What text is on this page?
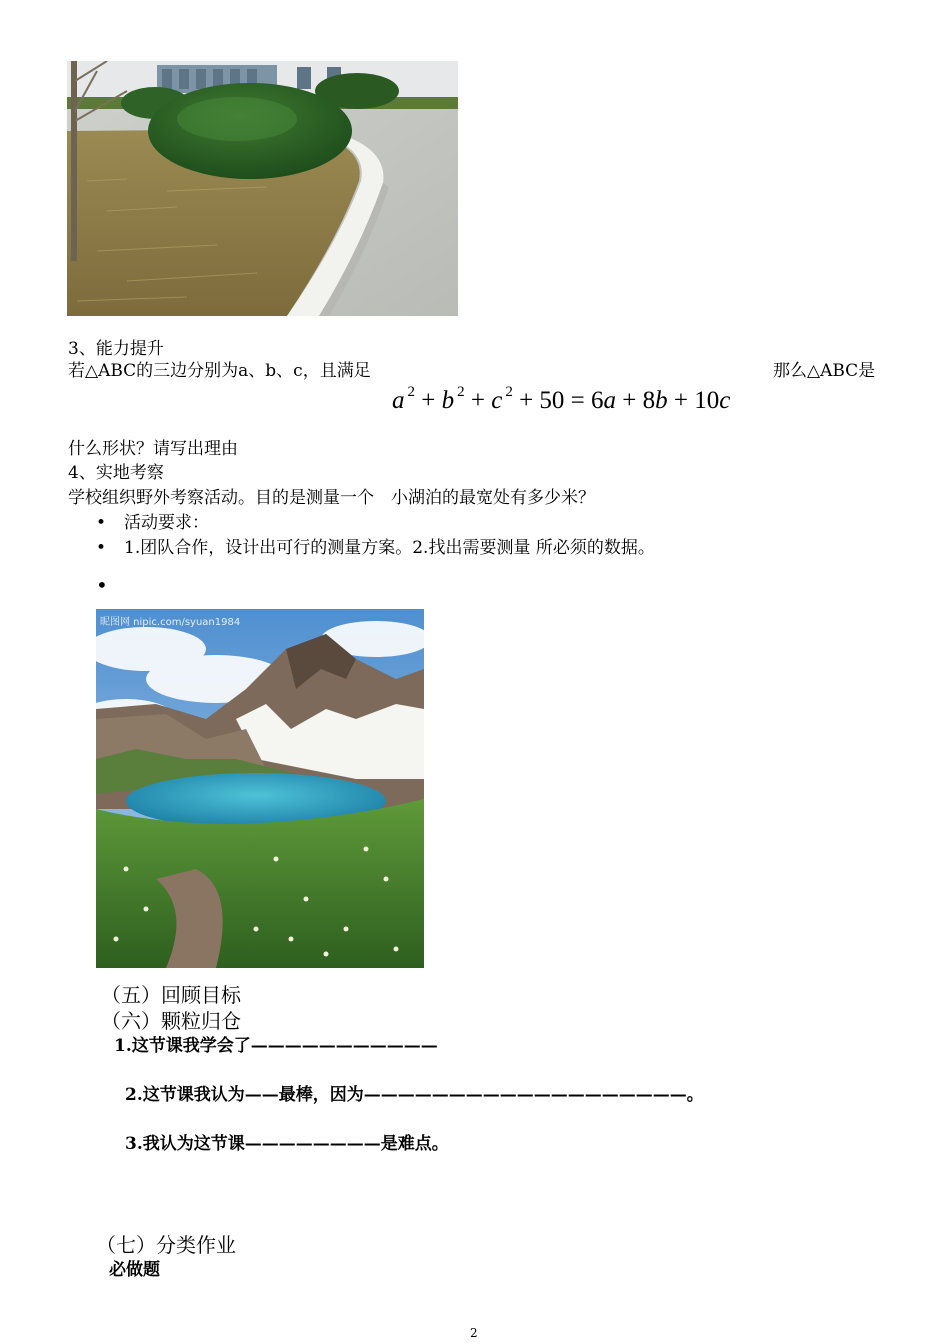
3、能力提升
若△ABC的三边分别为a、b、c，且满足	那么△ABC是
a $^2$ + b $^2$ + c $^2$ + 50 = 6a + 8b + 10c
什么形状？请写出理由
4、实地考察
学校组织野外考察活动。目的是测量一个　小湖泊的最宽处有多少米？
• 活动要求：
• 1.团队合作，设计出可行的测量方案。2.找出需要测量 所必须的数据。
•
昵图网 nipic.com/syuan1984
（五）回顾目标
（六）颗粒归仓
1.这节课我学会了———————————
2.这节课我认为——最棒，因为———————————————————。
3.我认为这节课————————是难点。
（七）分类作业
必做题
2
